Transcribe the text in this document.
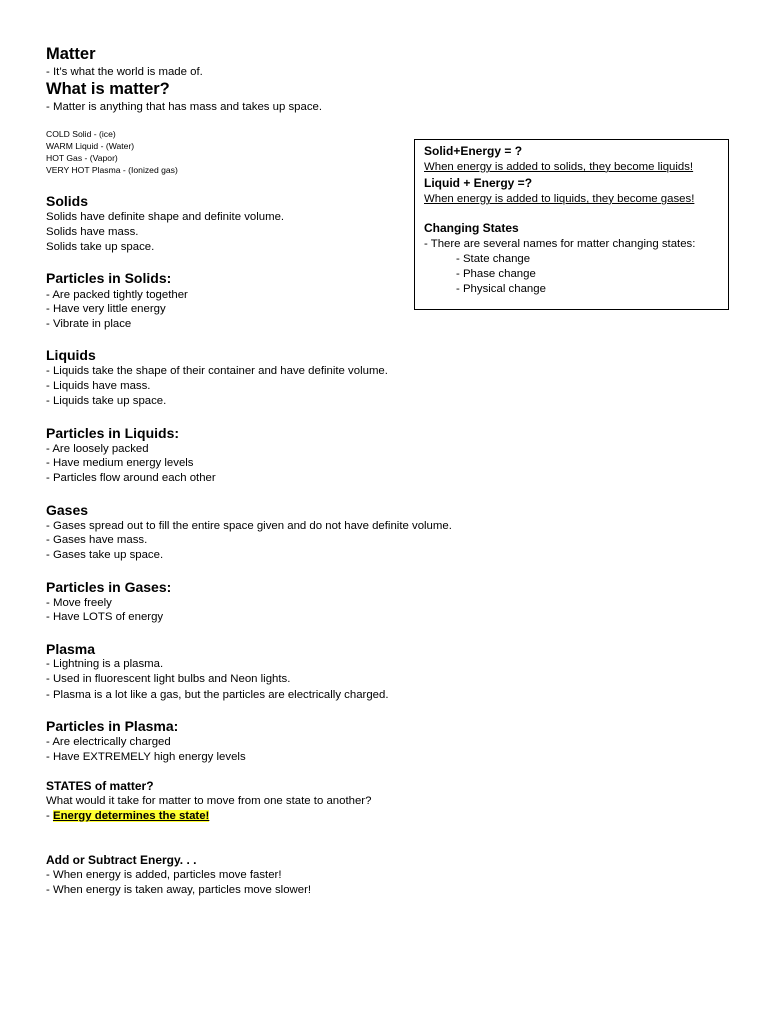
Matter
- It’s what the world is made of.
What is matter?
- Matter is anything that has mass and takes up space.
COLD Solid - (ice)
WARM Liquid - (Water)
HOT Gas - (Vapor)
VERY HOT Plasma - (Ionized gas)
Solids
Solids have definite shape and definite volume.
Solids have mass.
Solids take up space.
Particles in Solids:
- Are packed tightly together
- Have very little energy
- Vibrate in place
Liquids
- Liquids take the shape of their container and have definite volume.
- Liquids have mass.
- Liquids take up space.
Particles in Liquids:
- Are loosely packed
- Have medium energy levels
- Particles flow around each other
Gases
- Gases spread out to fill the entire space given and do not have definite volume.
- Gases have mass.
- Gases take up space.
Particles in Gases:
- Move freely
- Have LOTS of energy
Plasma
- Lightning is a plasma.
- Used in fluorescent light bulbs and Neon lights.
- Plasma is a lot like a gas, but the particles are electrically charged.
Particles in Plasma:
- Are electrically charged
- Have EXTREMELY high energy levels
STATES of matter?
What would it take for matter to move from one state to another?
- Energy determines the state!
Add or Subtract Energy. . .
- When energy is added, particles move faster!
- When energy is taken away, particles move slower!
Solid+Energy = ?
When energy is added to solids, they become liquids!
Liquid + Energy =?
When energy is added to liquids, they become gases!
Changing States
- There are several names for matter changing states:
- State change
- Phase change
- Physical change
